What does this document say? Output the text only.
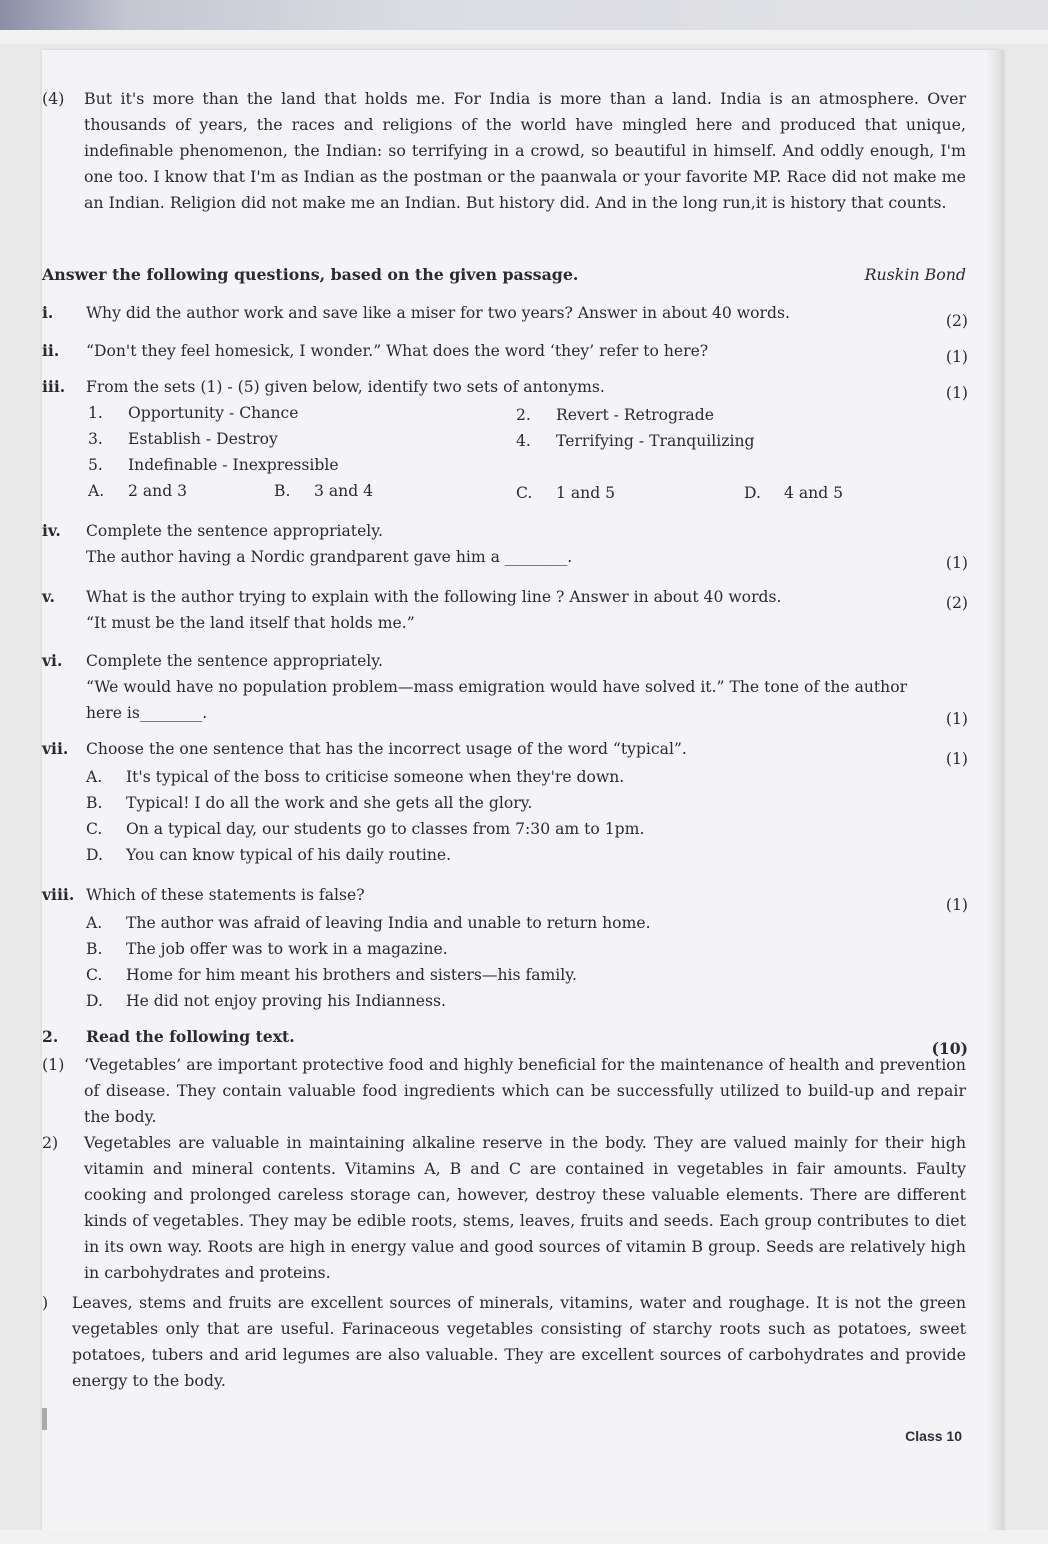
(4) But it's more than the land that holds me. For India is more than a land. India is an atmosphere. Over thousands of years, the races and religions of the world have mingled here and produced that unique, indefinable phenomenon, the Indian: so terrifying in a crowd, so beautiful in himself. And oddly enough, I'm one too. I know that I'm as Indian as the postman or the paanwala or your favorite MP. Race did not make me an Indian. Religion did not make me an Indian. But history did. And in the long run,it is history that counts.
Ruskin Bond
Answer the following questions, based on the given passage.
i. Why did the author work and save like a miser for two years? Answer in about 40 words.	(2)
ii. “Don't they feel homesick, I wonder.” What does the word ‘they’ refer to here?	(1)
iii. From the sets (1) - (5) given below, identify two sets of antonyms.	(1)
1. Opportunity - Chance	2. Revert - Retrograde
3. Establish - Destroy	4. Terrifying - Tranquilizing
5. Indefinable - Inexpressible
A. 2 and 3	B. 3 and 4	C. 1 and 5	D. 4 and 5
iv. Complete the sentence appropriately.
The author having a Nordic grandparent gave him a ________.	(1)
v. What is the author trying to explain with the following line ? Answer in about 40 words.
“It must be the land itself that holds me.”
(2)
vi. Complete the sentence appropriately.
“We would have no population problem—mass emigration would have solved it.” The tone of the author
here is________.	(1)
vii. Choose the one sentence that has the incorrect usage of the word “typical”.
(1)
A. It's typical of the boss to criticise someone when they're down.
B. Typical! I do all the work and she gets all the glory.
C. On a typical day, our students go to classes from 7:30 am to 1pm.
D. You can know typical of his daily routine.
viii. Which of these statements is false?
(1)
A. The author was afraid of leaving India and unable to return home.
B. The job offer was to work in a magazine.
C. Home for him meant his brothers and sisters—his family.
D. He did not enjoy proving his Indianness.
2. Read the following text.
(10)
(1) ‘Vegetables’ are important protective food and highly beneficial for the maintenance of health and prevention of disease. They contain valuable food ingredients which can be successfully utilized to build-up and repair the body.
2) Vegetables are valuable in maintaining alkaline reserve in the body. They are valued mainly for their high vitamin and mineral contents. Vitamins A, B and C are contained in vegetables in fair amounts. Faulty cooking and prolonged careless storage can, however, destroy these valuable elements. There are different kinds of vegetables. They may be edible roots, stems, leaves, fruits and seeds. Each group contributes to diet in its own way. Roots are high in energy value and good sources of vitamin B group. Seeds are relatively high in carbohydrates and proteins.
) Leaves, stems and fruits are excellent sources of minerals, vitamins, water and roughage. It is not the green vegetables only that are useful. Farinaceous vegetables consisting of starchy roots such as potatoes, sweet potatoes, tubers and arid legumes are also valuable. They are excellent sources of carbohydrates and provide energy to the body.
Class 10
